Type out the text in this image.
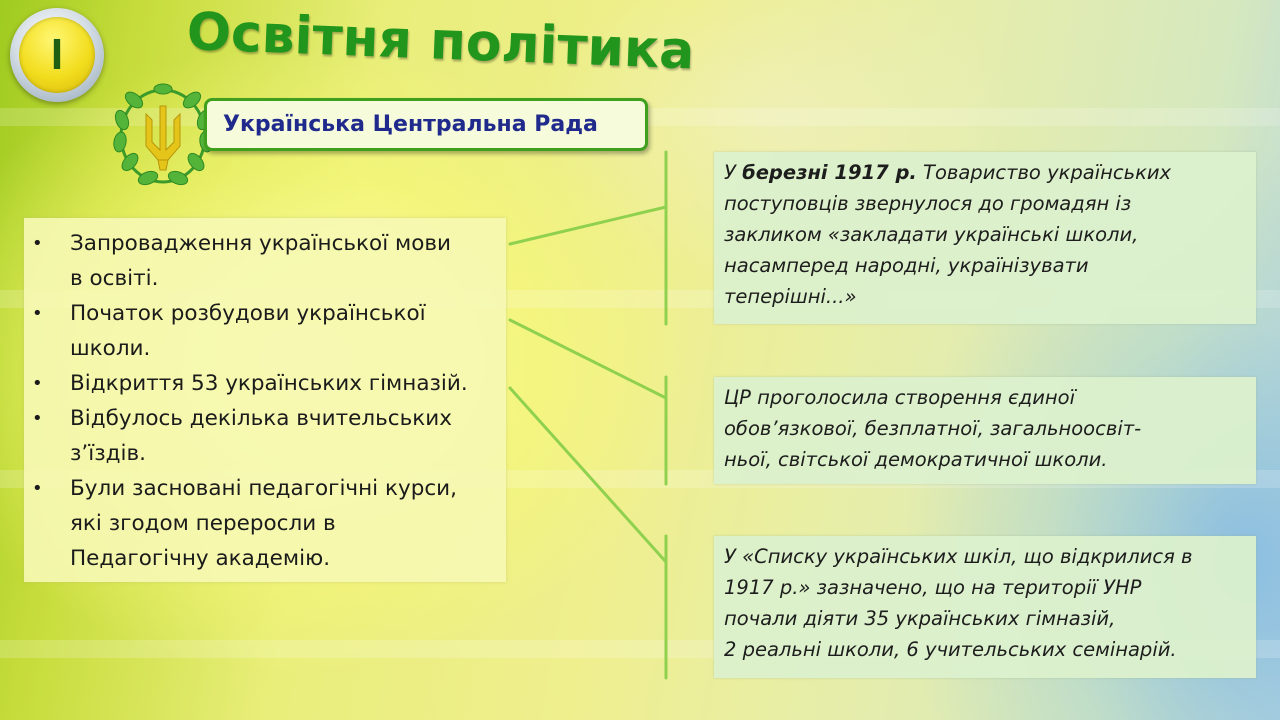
I	Освітня політика
Українська Центральна Рада
• Запровадження української мови
в освіті.
• Початок розбудови української
школи.
• Відкриття 53 українських гімназій.
• Відбулось декілька вчительських
з’їздів.
• Були засновані педагогічні курси,
які згодом переросли в
Педагогічну академію.
У березні 1917 р. Товариство українських
поступовців звернулося до громадян із
закликом «закладати українські школи,
насамперед народні, українізувати
теперішні...»
ЦР проголосила створення єдиної
обов’язкової, безплатної, загальноосвіт-
ньої, світської демократичної школи.
У «Списку українських шкіл, що відкрилися в
1917 р.» зазначено, що на території УНР
почали діяти 35 українських гімназій,
2 реальні школи, 6 учительських семінарій.
